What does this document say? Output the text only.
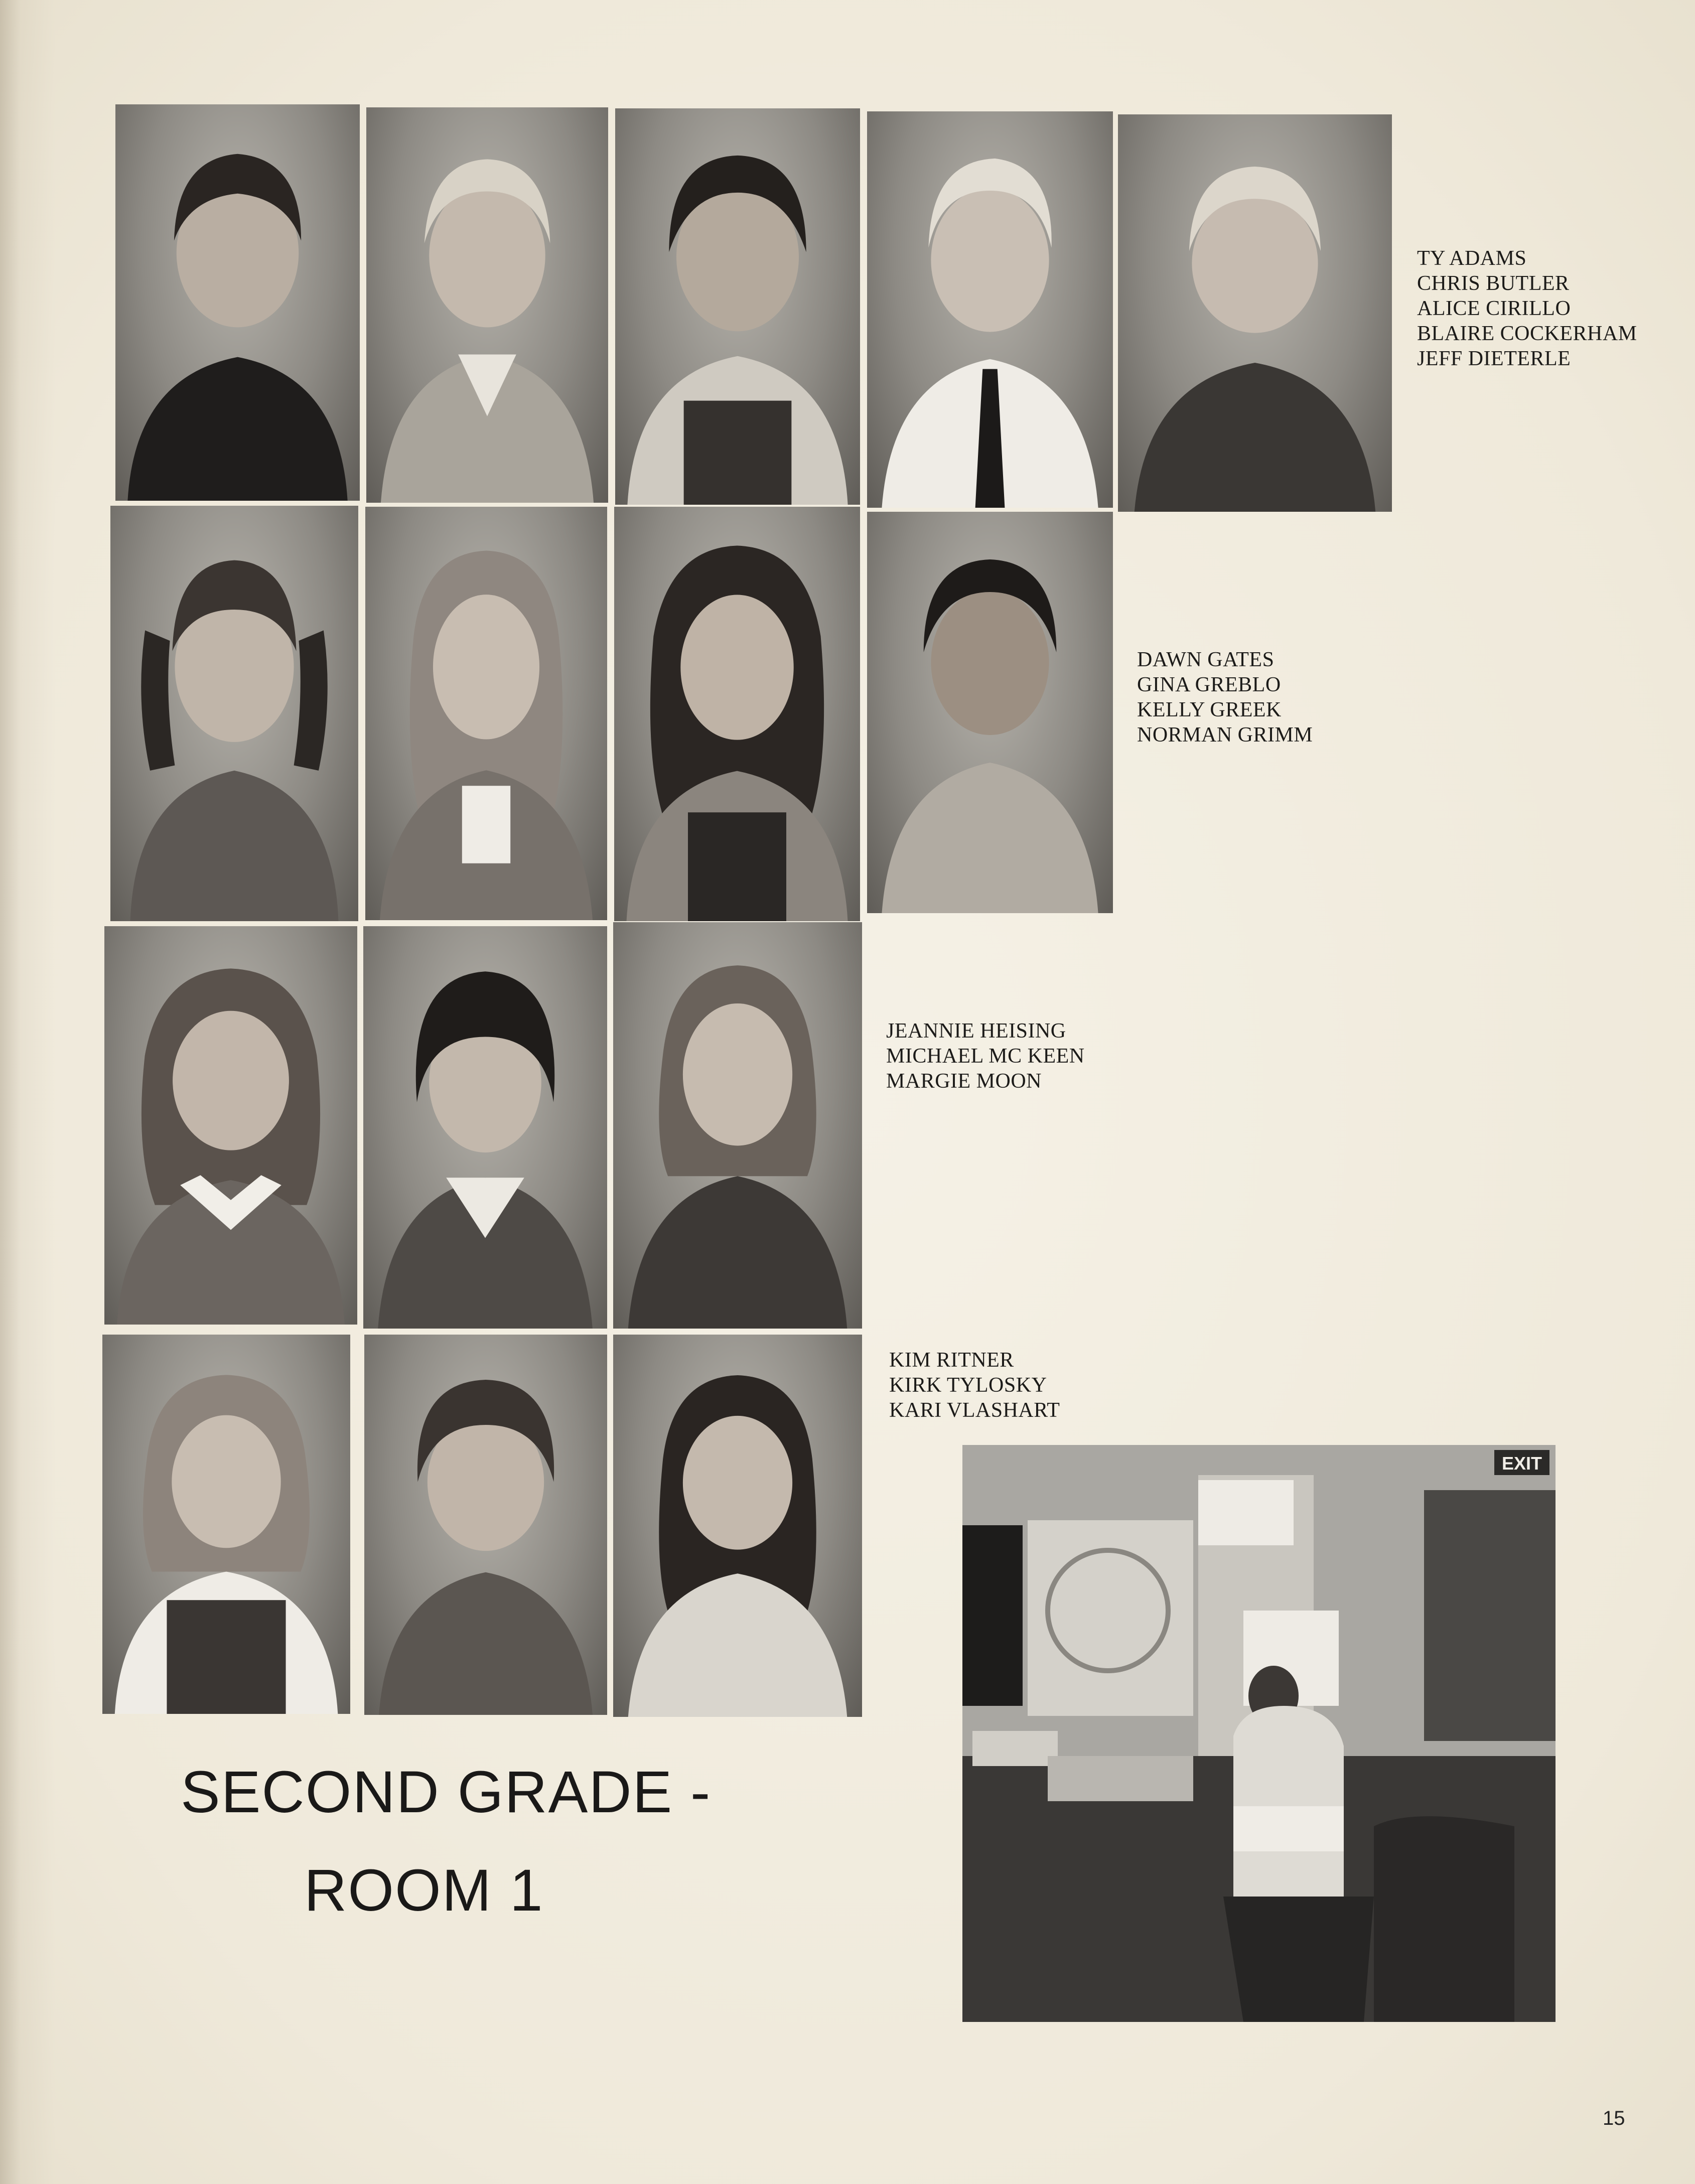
TY ADAMS
CHRIS BUTLER
ALICE CIRILLO
BLAIRE COCKERHAM
JEFF DIETERLE
DAWN GATES
GINA GREBLO
KELLY GREEK
NORMAN GRIMM
JEANNIE HEISING
MICHAEL MC KEEN
MARGIE MOON
KIM RITNER
KIRK TYLOSKY
KARI VLASHART
SECOND GRADE -
ROOM 1
EXIT
15
